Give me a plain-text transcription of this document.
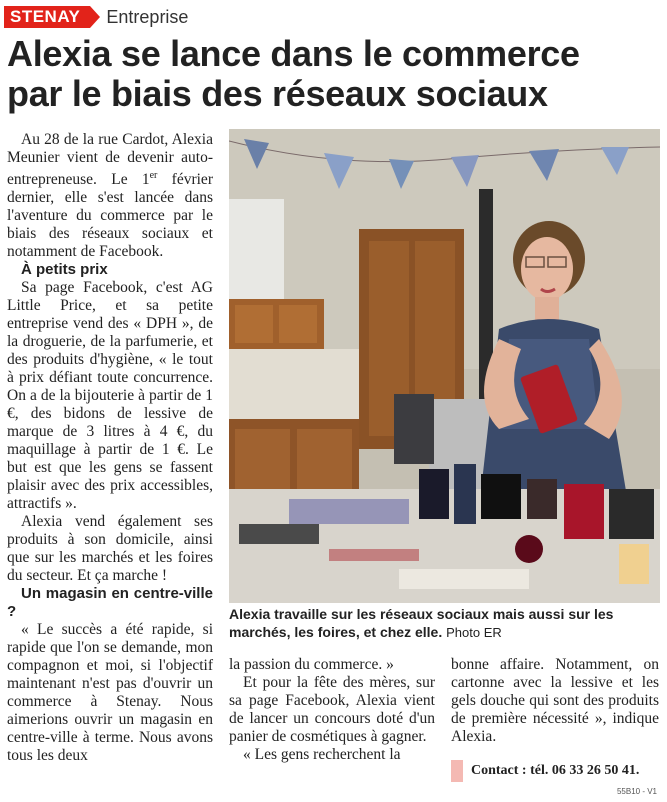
STENAY	Entreprise
Alexia se lance dans le commerce
par le biais des réseaux sociaux

Au 28 de la rue Cardot, Alexia Meunier vient de devenir auto-entrepreneuse. Le 1er février dernier, elle s'est lancée dans l'aventure du commerce par le biais des réseaux sociaux et notamment de Facebook.

À petits prix

Sa page Facebook, c'est AG Little Price, et sa petite entreprise vend des « DPH », de la droguerie, de la parfumerie, et des produits d'hygiène, « le tout à prix défiant toute concurrence. On a de la bijouterie à partir de 1 €, des bidons de lessive de marque de 3 litres à 4 €, du maquillage à partir de 1 €. Le but est que les gens se fassent plaisir avec des prix accessibles, attractifs ».

Alexia vend également ses produits à son domicile, ainsi que sur les marchés et les foires du secteur. Et ça marche !

Un magasin en centre-ville ?

« Le succès a été rapide, si rapide que l'on se demande, mon compagnon et moi, si l'objectif maintenant n'est pas d'ouvrir un commerce à Stenay. Nous aimerions ouvrir un magasin en centre-ville à terme. Nous avons tous les deux

Alexia travaille sur les réseaux sociaux mais aussi sur les marchés, les foires, et chez elle. Photo ER

la passion du commerce. »

Et pour la fête des mères, sur sa page Facebook, Alexia vient de lancer un concours doté d'un panier de cosmétiques à gagner.

« Les gens recherchent la

bonne affaire. Notamment, on cartonne avec la lessive et les gels douche qui sont des produits de première nécessité », indique Alexia.

Contact : tél. 06 33 26 50 41.
55B10 - V1
